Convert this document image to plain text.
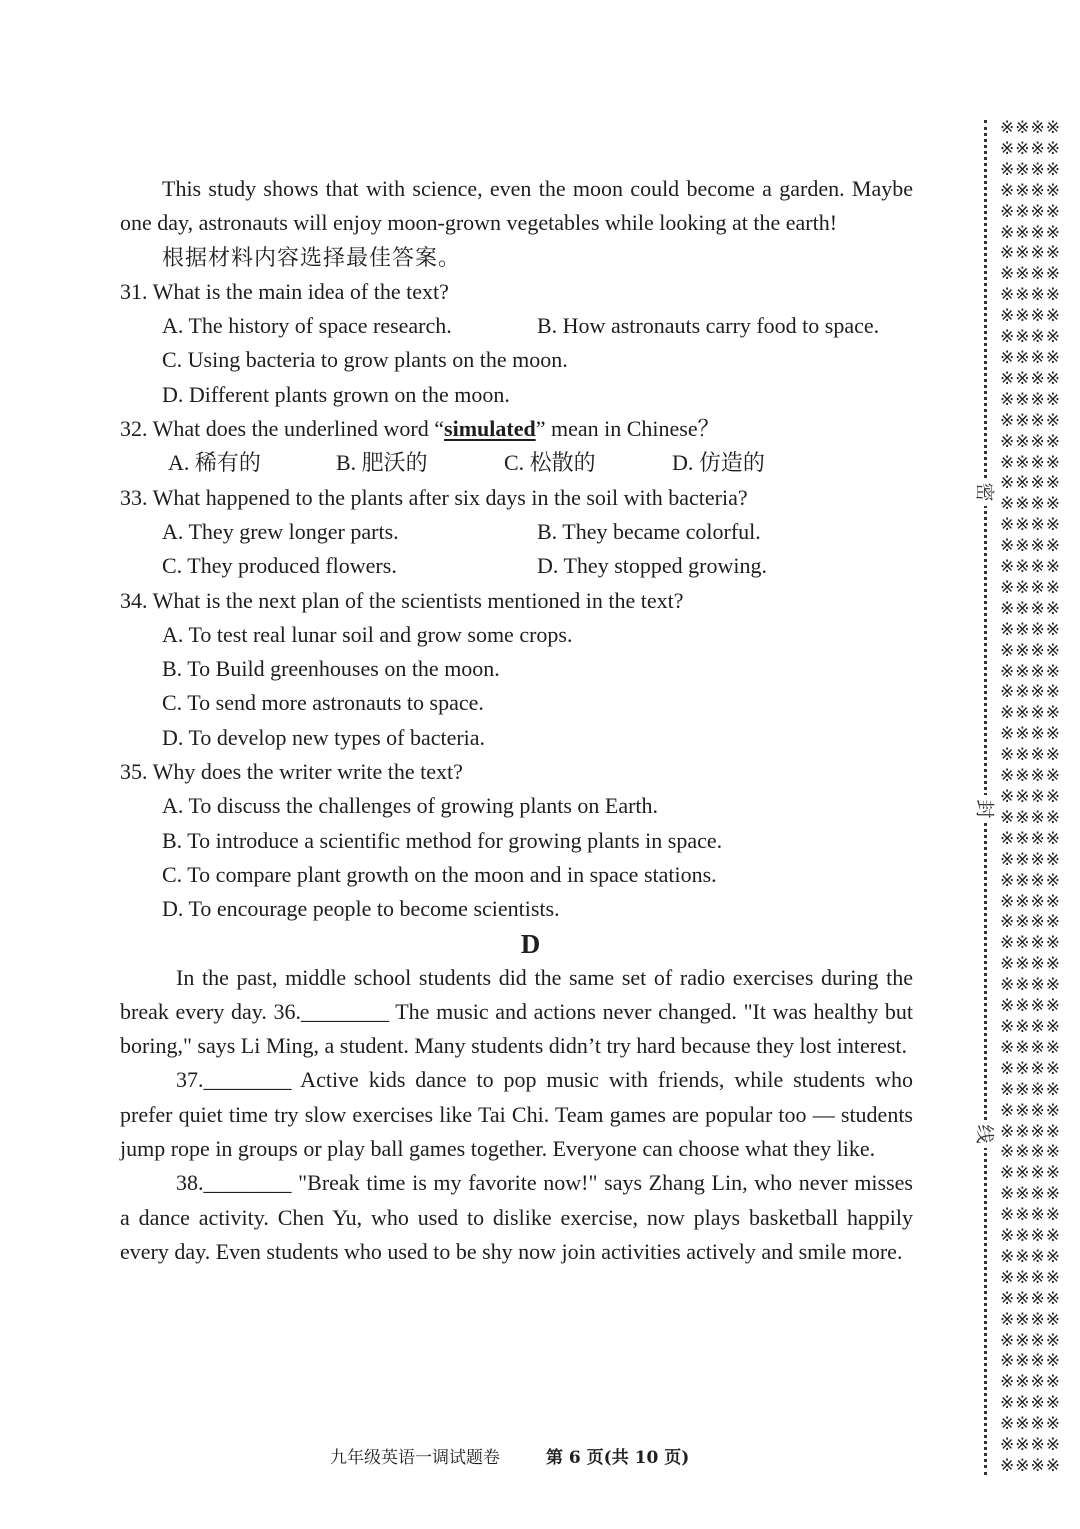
This study shows that with science, even the moon could become a garden. Maybe one day, astronauts will enjoy moon-grown vegetables while looking at the earth!

根据材料内容选择最佳答案。

31. What is the main idea of the text?

A. The history of space research.	B. How astronauts carry food to space.

C. Using bacteria to grow plants on the moon.

D. Different plants grown on the moon.

32. What does the underlined word “simulated” mean in Chinese？

A. 稀有的	B. 肥沃的	C. 松散的	D. 仿造的

33. What happened to the plants after six days in the soil with bacteria?

A. They grew longer parts.	B. They became colorful.
C. They produced flowers.	D. They stopped growing.

34. What is the next plan of the scientists mentioned in the text?

A. To test real lunar soil and grow some crops.

B. To Build greenhouses on the moon.

C. To send more astronauts to space.

D. To develop new types of bacteria.

35. Why does the writer write the text?

A. To discuss the challenges of growing plants on Earth.

B. To introduce a scientific method for growing plants in space.

C. To compare plant growth on the moon and in space stations.

D. To encourage people to become scientists.

D

In the past, middle school students did the same set of radio exercises during the break every day. 36.________ The music and actions never changed. "It was healthy but boring," says Li Ming, a student. Many students didn’t try hard because they lost interest.

37.________ Active kids dance to pop music with friends, while students who prefer quiet time try slow exercises like Tai Chi. Team games are popular too — students jump rope in groups or play ball games together. Everyone can choose what they like.

38.________ "Break time is my favorite now!" says Zhang Lin, who never misses a dance activity. Chen Yu, who used to dislike exercise, now plays basketball happily every day. Even students who used to be shy now join activities actively and smile more.

九年级英语一调试题卷	第 6 页(共 10 页)
密
封
线
※※※※
※※※※
※※※※
※※※※
※※※※
※※※※
※※※※
※※※※
※※※※
※※※※
※※※※
※※※※
※※※※
※※※※
※※※※
※※※※
※※※※
※※※※
※※※※
※※※※
※※※※
※※※※
※※※※
※※※※
※※※※
※※※※
※※※※
※※※※
※※※※
※※※※
※※※※
※※※※
※※※※
※※※※
※※※※
※※※※
※※※※
※※※※
※※※※
※※※※
※※※※
※※※※
※※※※
※※※※
※※※※
※※※※
※※※※
※※※※
※※※※
※※※※
※※※※
※※※※
※※※※
※※※※
※※※※
※※※※
※※※※
※※※※
※※※※
※※※※
※※※※
※※※※
※※※※
※※※※
※※※※
